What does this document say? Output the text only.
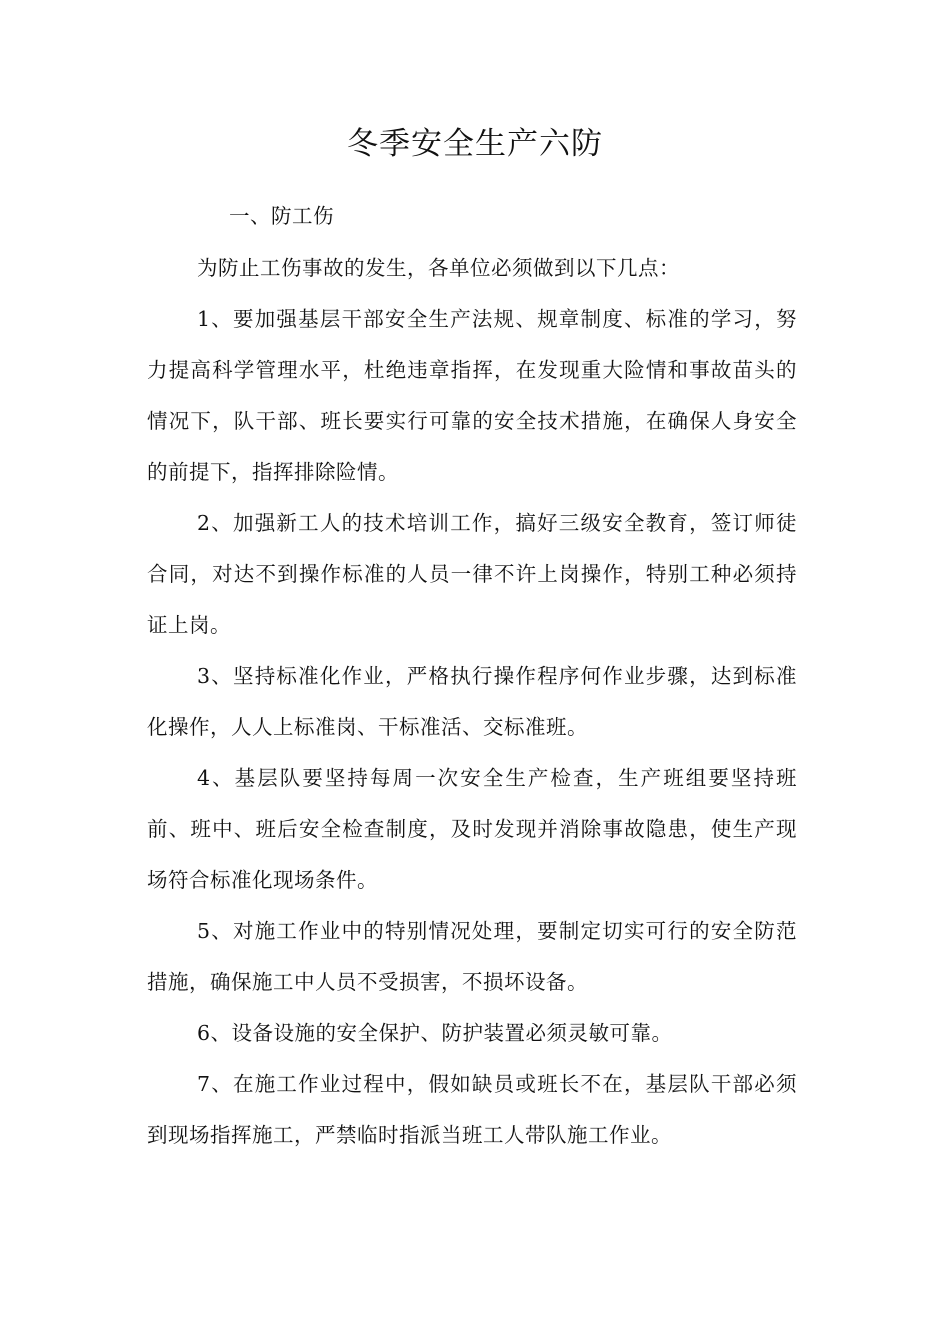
冬季安全生产六防

一、防工伤

为防止工伤事故的发生，各单位必须做到以下几点：

1、要加强基层干部安全生产法规、规章制度、标准的学习，努力提高科学管理水平，杜绝违章指挥，在发现重大险情和事故苗头的情况下，队干部、班长要实行可靠的安全技术措施，在确保人身安全的前提下，指挥排除险情。

2、加强新工人的技术培训工作，搞好三级安全教育，签订师徒合同，对达不到操作标准的人员一律不许上岗操作，特别工种必须持证上岗。

3、坚持标准化作业，严格执行操作程序何作业步骤，达到标准化操作，人人上标准岗、干标准活、交标准班。

4、基层队要坚持每周一次安全生产检查，生产班组要坚持班前、班中、班后安全检查制度，及时发现并消除事故隐患，使生产现场符合标准化现场条件。

5、对施工作业中的特别情况处理，要制定切实可行的安全防范措施，确保施工中人员不受损害，不损坏设备。

6、设备设施的安全保护、防护装置必须灵敏可靠。

7、在施工作业过程中，假如缺员或班长不在，基层队干部必须到现场指挥施工，严禁临时指派当班工人带队施工作业。
